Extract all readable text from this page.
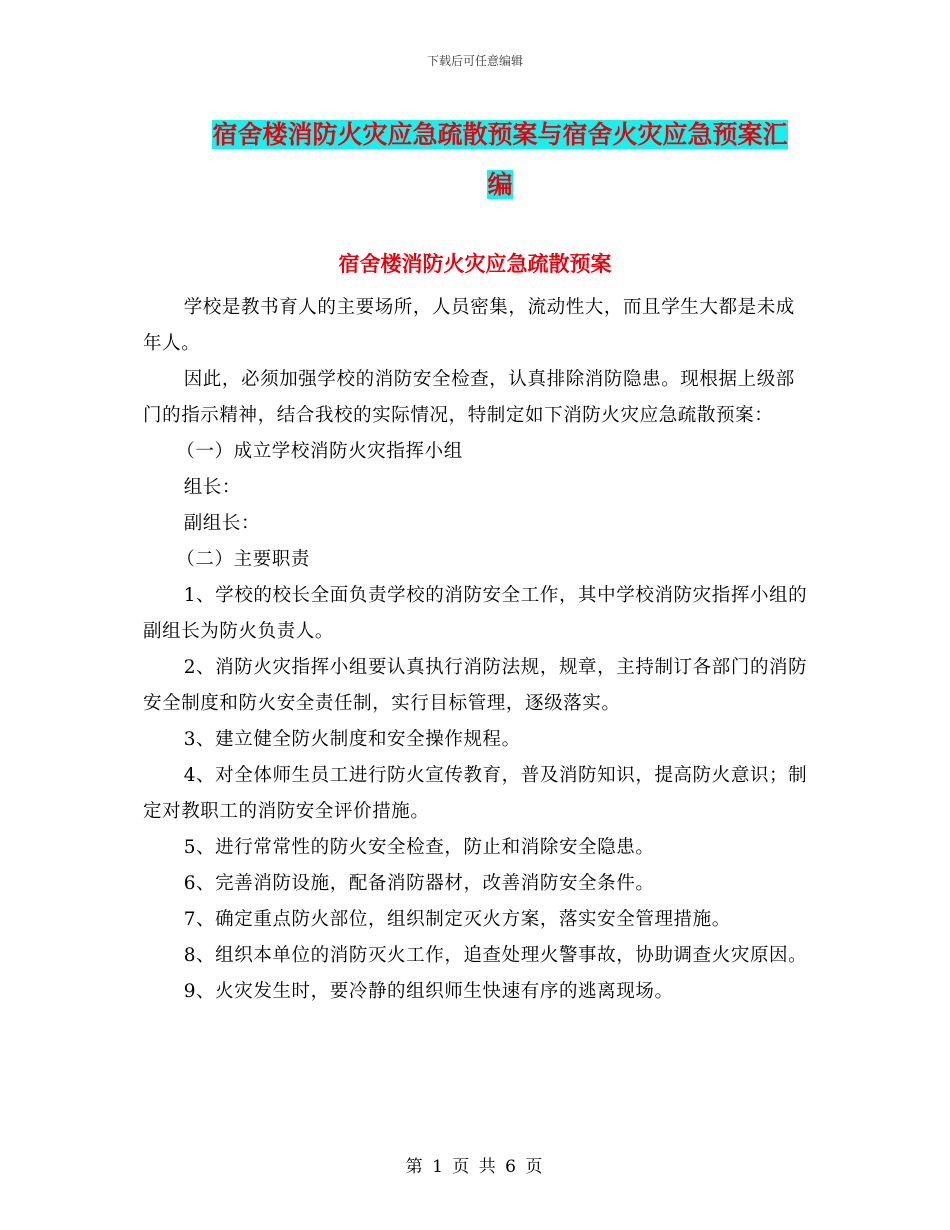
下载后可任意编辑
宿舍楼消防火灾应急疏散预案与宿舍火灾应急预案汇
编
宿舍楼消防火灾应急疏散预案

学校是教书育人的主要场所，人员密集，流动性大，而且学生大都是未成年人。

因此，必须加强学校的消防安全检查，认真排除消防隐患。现根据上级部门的指示精神，结合我校的实际情况，特制定如下消防火灾应急疏散预案：

（一）成立学校消防火灾指挥小组

组长：

副组长：

（二）主要职责

1、学校的校长全面负责学校的消防安全工作，其中学校消防灾指挥小组的副组长为防火负责人。

2、消防火灾指挥小组要认真执行消防法规，规章，主持制订各部门的消防安全制度和防火安全责任制，实行目标管理，逐级落实。

3、建立健全防火制度和安全操作规程。

4、对全体师生员工进行防火宣传教育，普及消防知识，提高防火意识；制定对教职工的消防安全评价措施。

5、进行常常性的防火安全检查，防止和消除安全隐患。

6、完善消防设施，配备消防器材，改善消防安全条件。

7、确定重点防火部位，组织制定灭火方案，落实安全管理措施。

8、组织本单位的消防灭火工作，追查处理火警事故，协助调查火灾原因。

9、火灾发生时，要冷静的组织师生快速有序的逃离现场。

第 1 页 共 6 页
